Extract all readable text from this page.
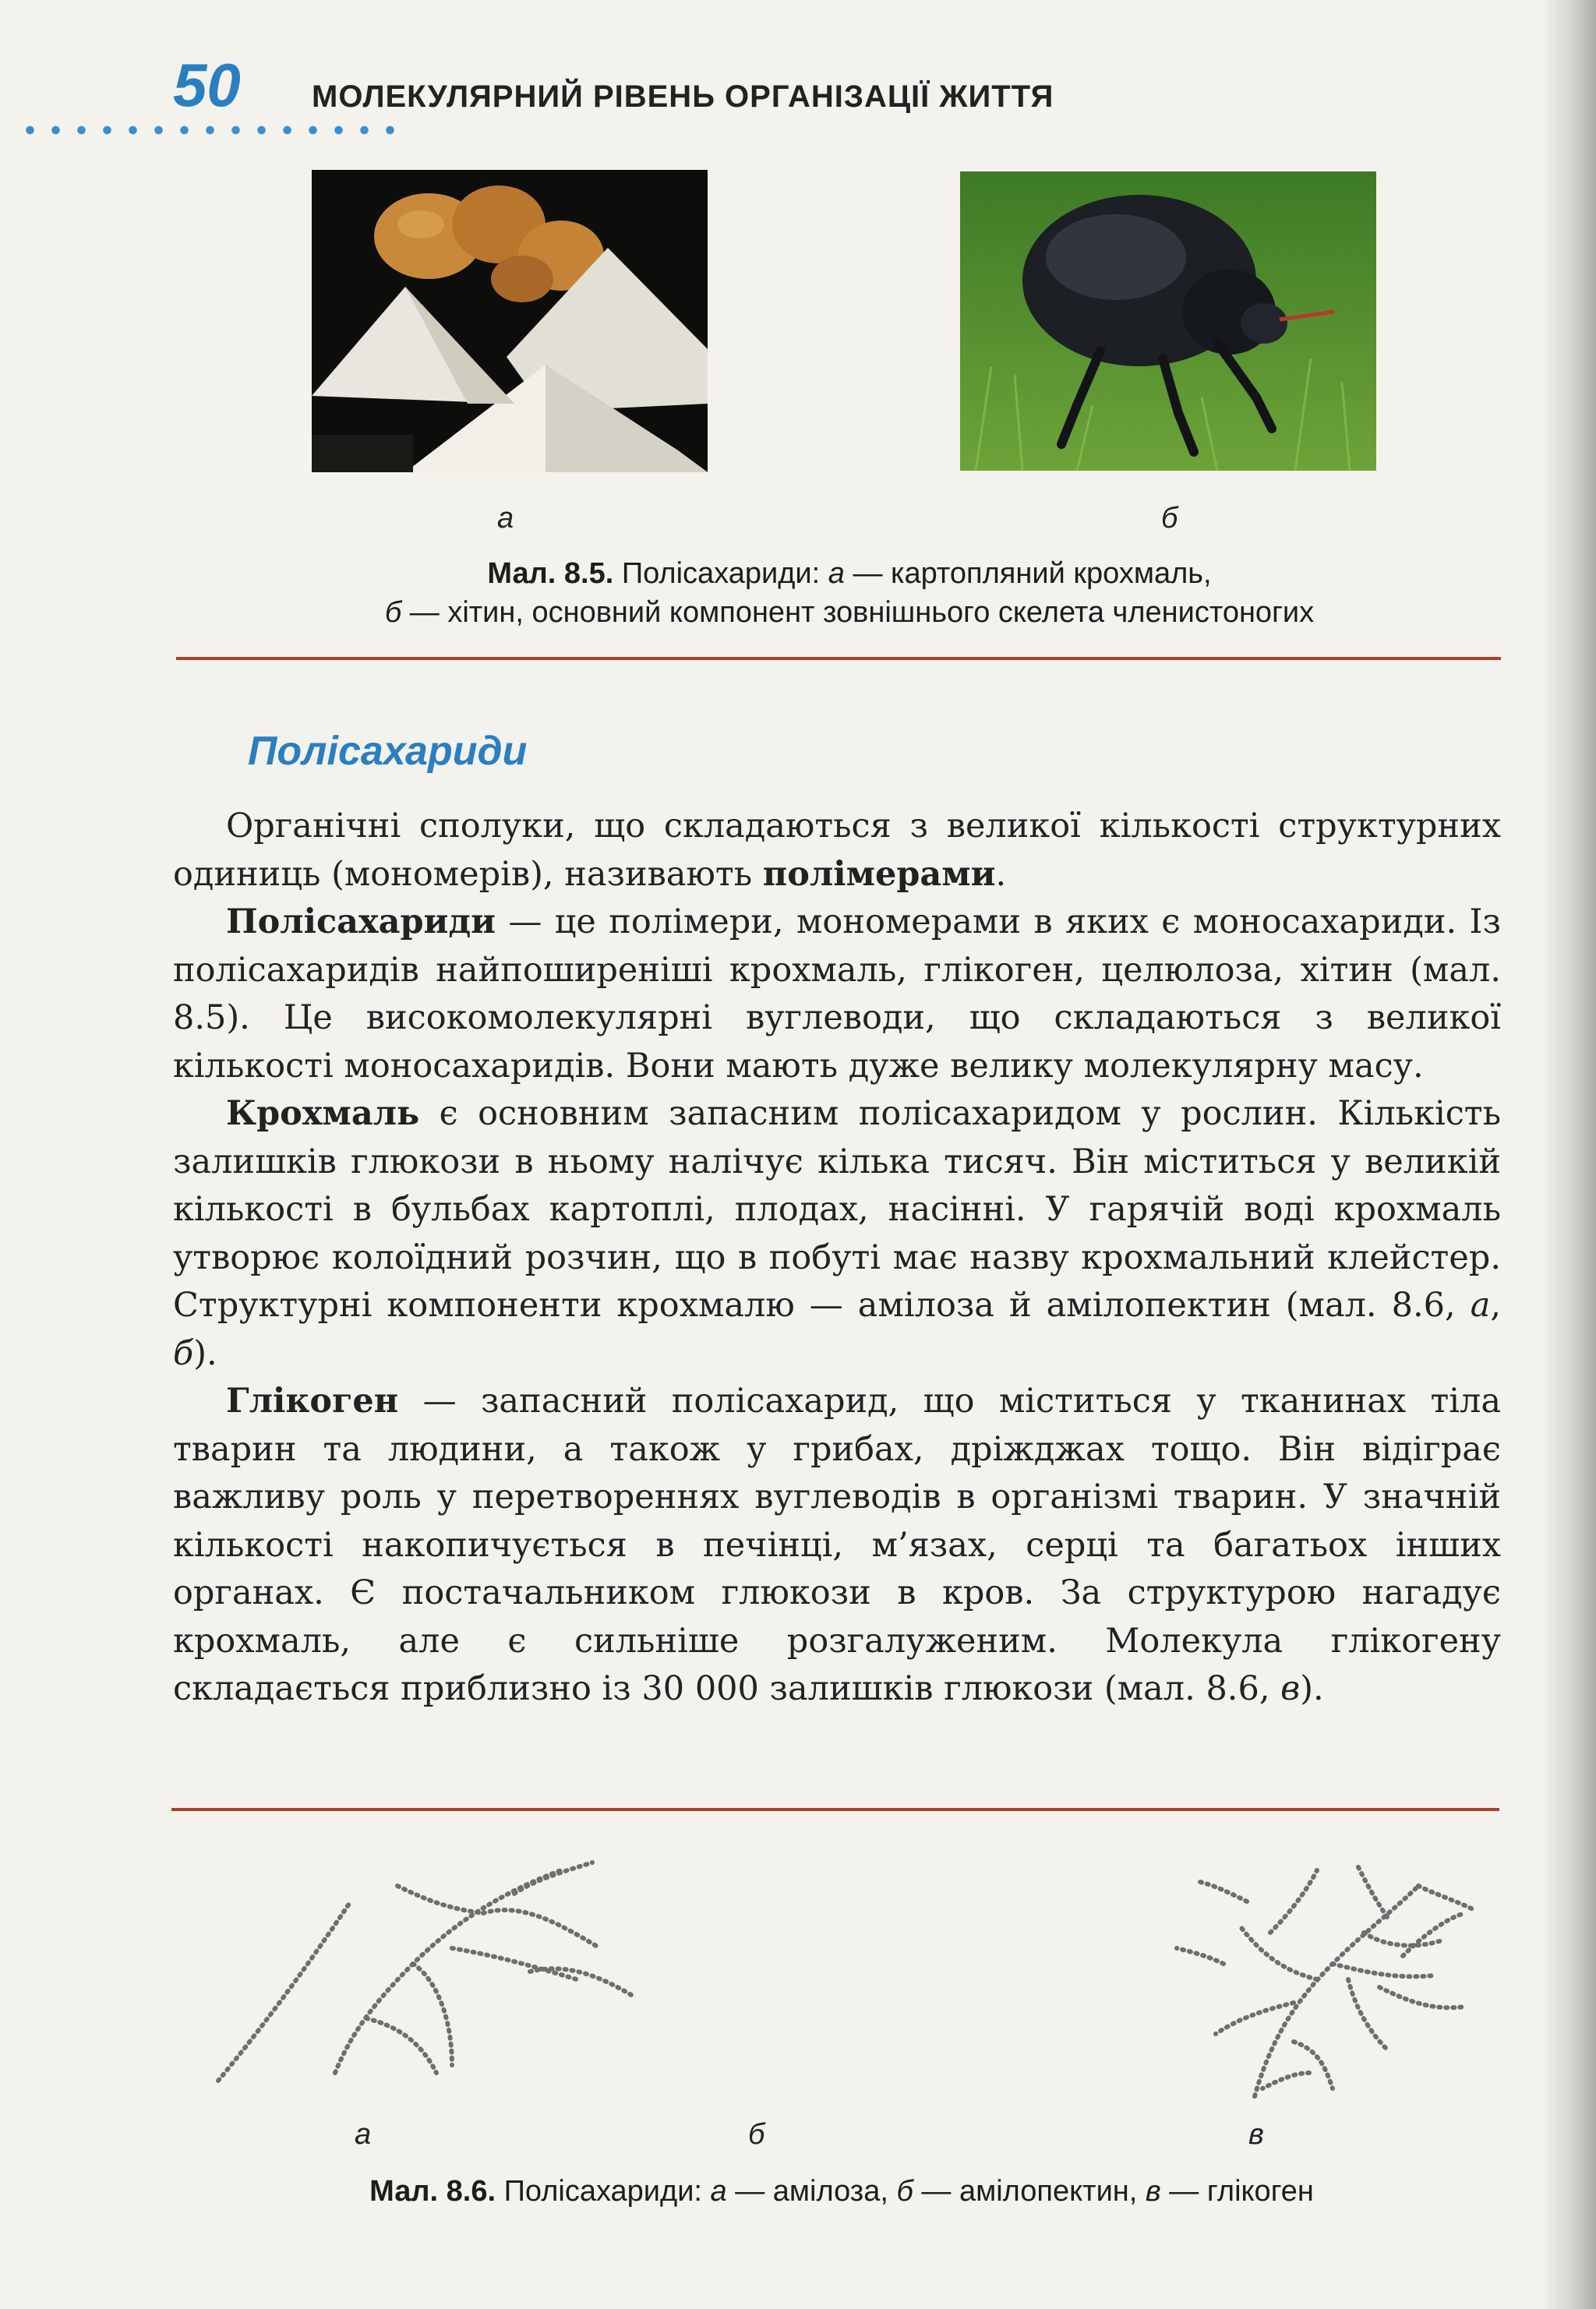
50 МОЛЕКУЛЯРНИЙ РІВЕНЬ ОРГАНІЗАЦІЇ ЖИТТЯ
а	б
Мал. 8.5. Полісахариди: а — картопляний крохмаль,
б — хітин, основний компонент зовнішнього скелета членистоногих
Полісахариди

Органічні сполуки, що складаються з великої кількості структурних одиниць (мономерів), називають полімерами.

Полісахариди — це полімери, мономерами в яких є моносахариди. Із полісахаридів найпоширеніші крохмаль, глікоген, целюлоза, хітин (мал. 8.5). Це високомолекулярні вуглеводи, що складаються з великої кількості моносахаридів. Вони мають дуже велику молекулярну масу.

Крохмаль є основним запасним полісахаридом у рослин. Кількість залишків глюкози в ньому налічує кілька тисяч. Він міститься у великій кількості в бульбах картоплі, плодах, насінні. У гарячій воді крохмаль утворює колоїдний розчин, що в побуті має назву крохмальний клейстер. Структурні компоненти крохмалю — амілоза й амілопектин (мал. 8.6, а, б).

Глікоген — запасний полісахарид, що міститься у тканинах тіла тварин та людини, а також у грибах, дріжджах тощо. Він відіграє важливу роль у перетвореннях вуглеводів в організмі тварин. У значній кількості накопичується в печінці, м’язах, серці та багатьох інших органах. Є постачальником глюкози в кров. За структурою нагадує крохмаль, але є сильніше розгалуженим. Молекула глікогену складається приблизно із 30 000 залишків глюкози (мал. 8.6, в).

а	б	в
Мал. 8.6. Полісахариди: а — амілоза, б — амілопектин, в — глікоген
